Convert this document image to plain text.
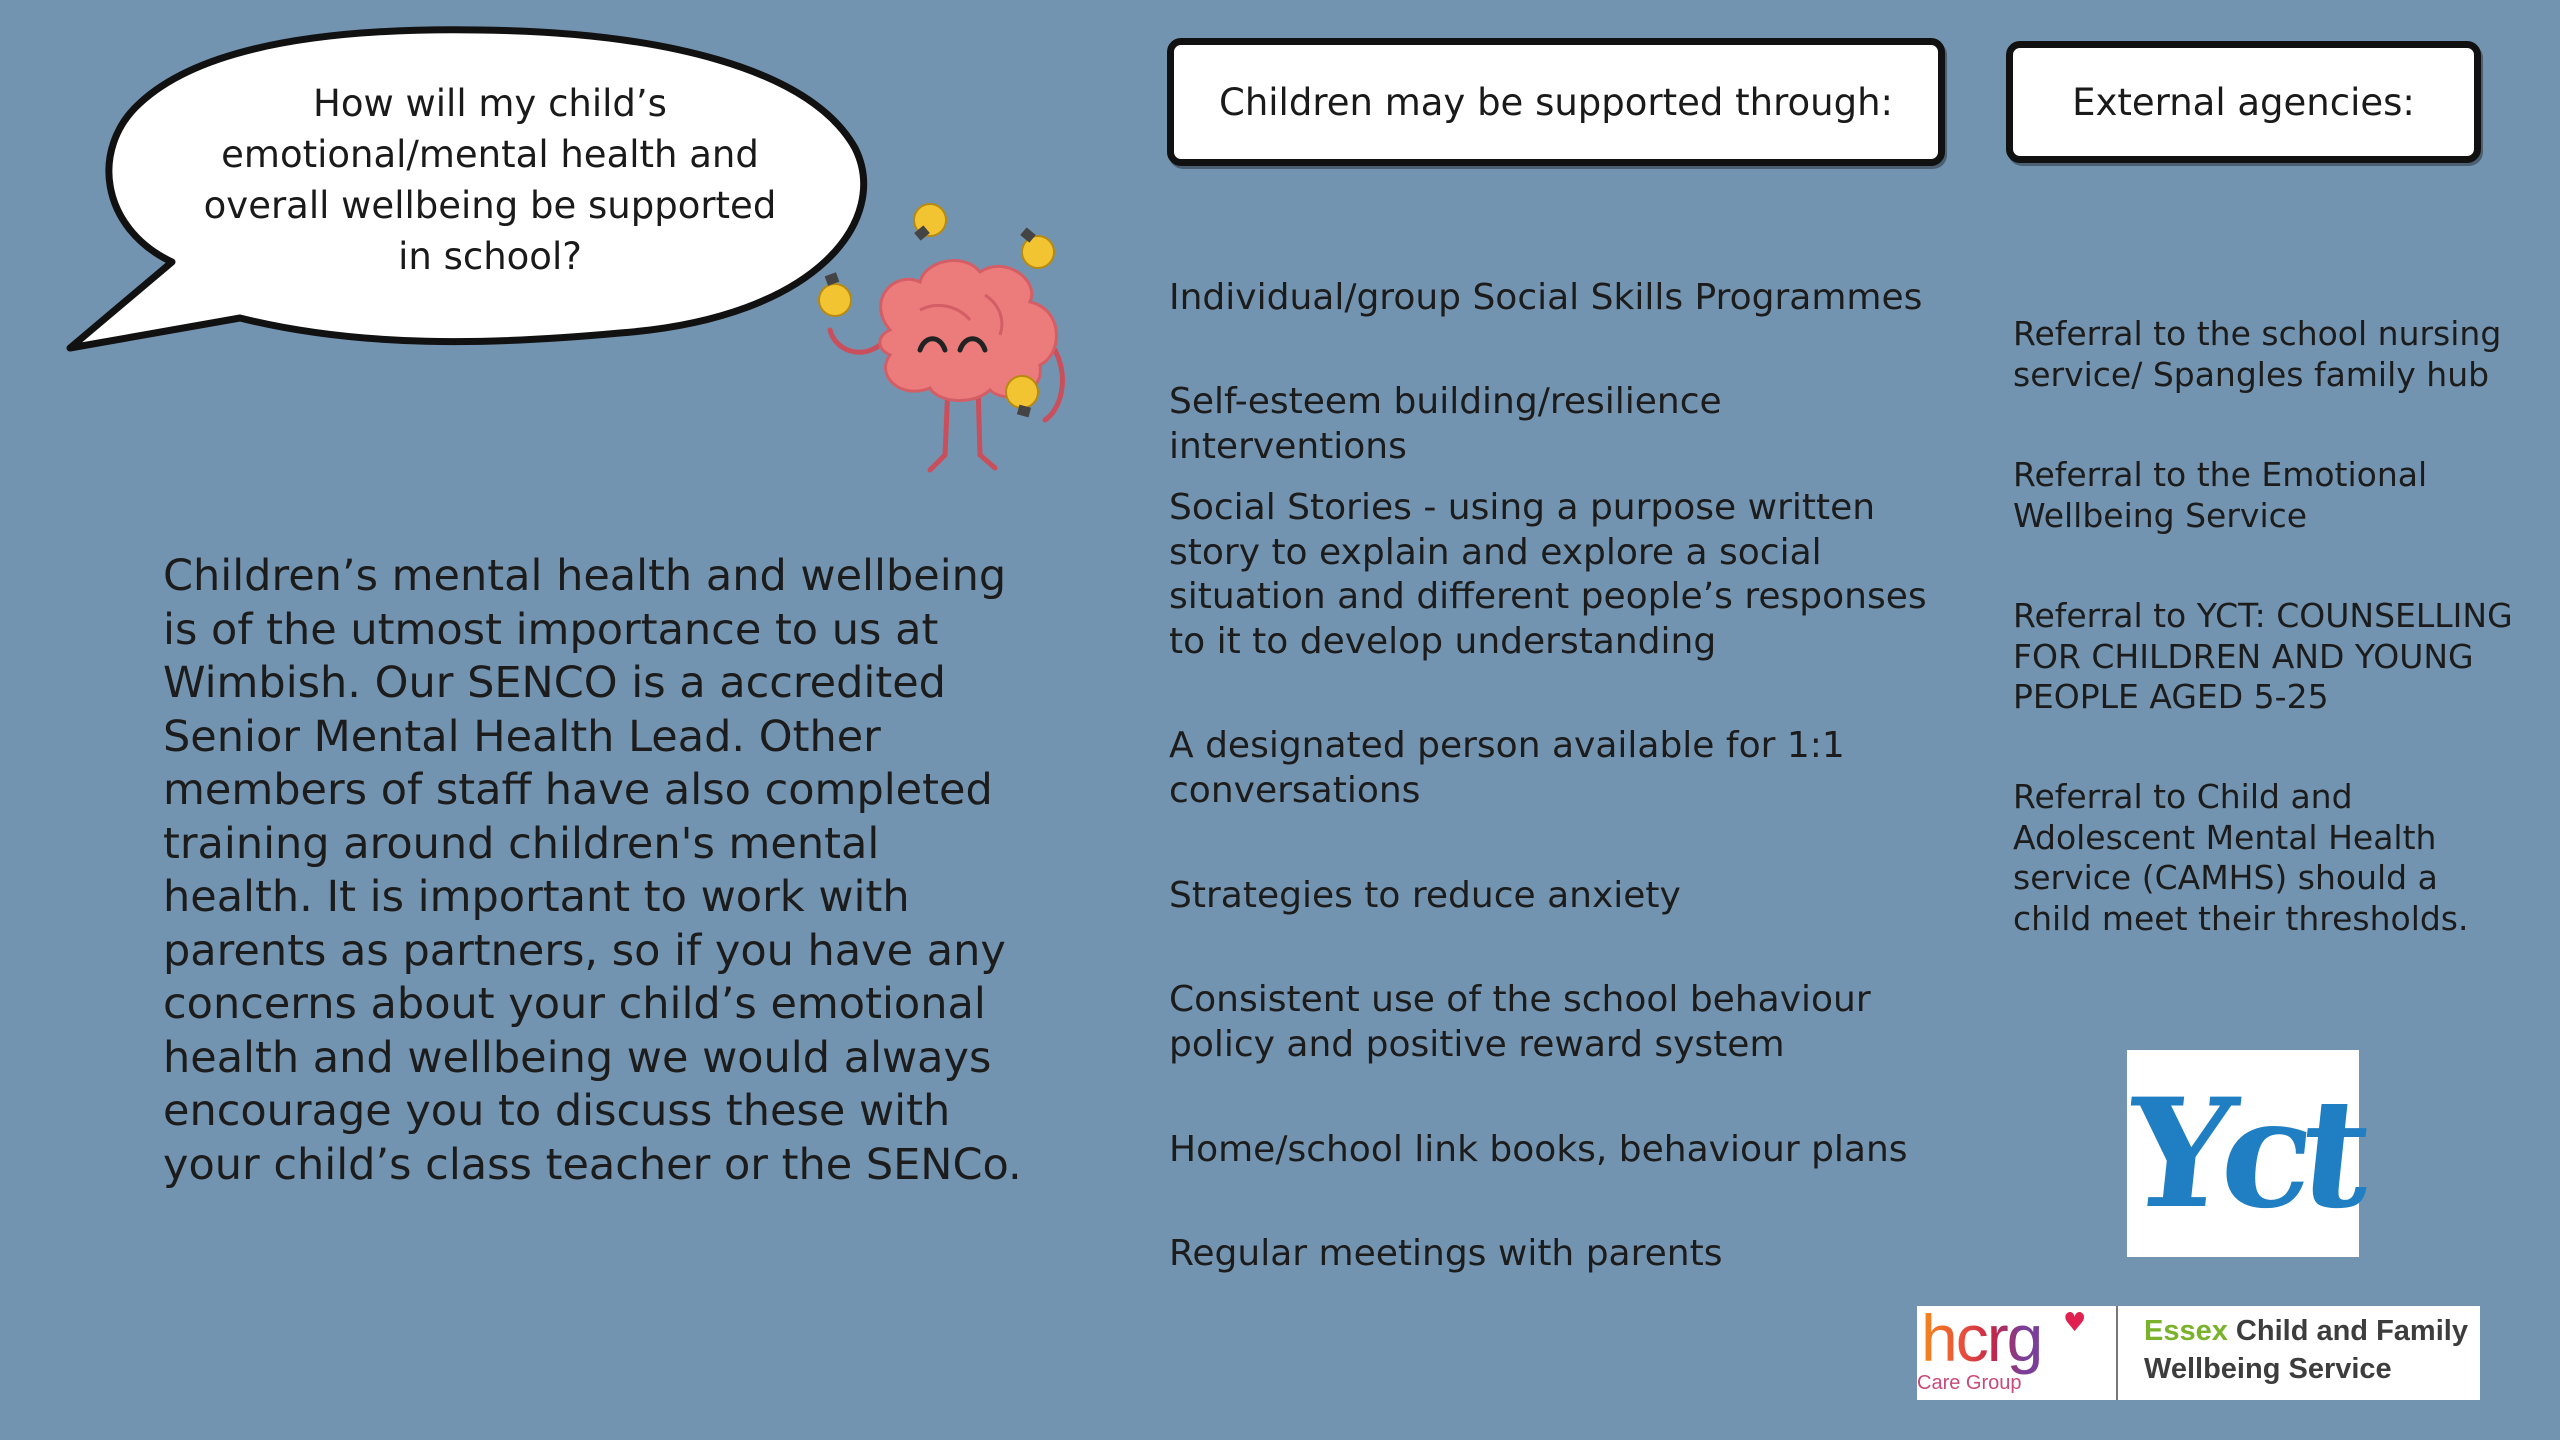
How will my child’s
emotional/mental health and
overall wellbeing be supported
in school?
Children’s mental health and wellbeing is of the utmost importance to us at Wimbish. Our SENCO is a accredited Senior Mental Health Lead. Other members of staff have also completed training around children's mental health. It is important to work with parents as partners, so if you have any concerns about your child’s emotional health and wellbeing we would always encourage you to discuss these with your child’s class teacher or the SENCo.
Children may be supported through:	External agencies:
Individual/group Social Skills Programmes
Self-esteem building/resilience interventions
Social Stories - using a purpose written story to explain and explore a social situation and different people’s responses to it to develop understanding
A designated person available for 1:1 conversations
Strategies to reduce anxiety
Consistent use of the school behaviour policy and positive reward system
Home/school link books, behaviour plans
Regular meetings with parents
Referral to the school nursing service/ Spangles family hub
Referral to the Emotional Wellbeing Service
Referral to YCT: COUNSELLING FOR CHILDREN AND YOUNG PEOPLE AGED 5-25
Referral to Child and Adolescent Mental Health service (CAMHS) should a child meet their thresholds.
Yct
hcrg ♥
Care Group
Essex Child and Family
Wellbeing Service
